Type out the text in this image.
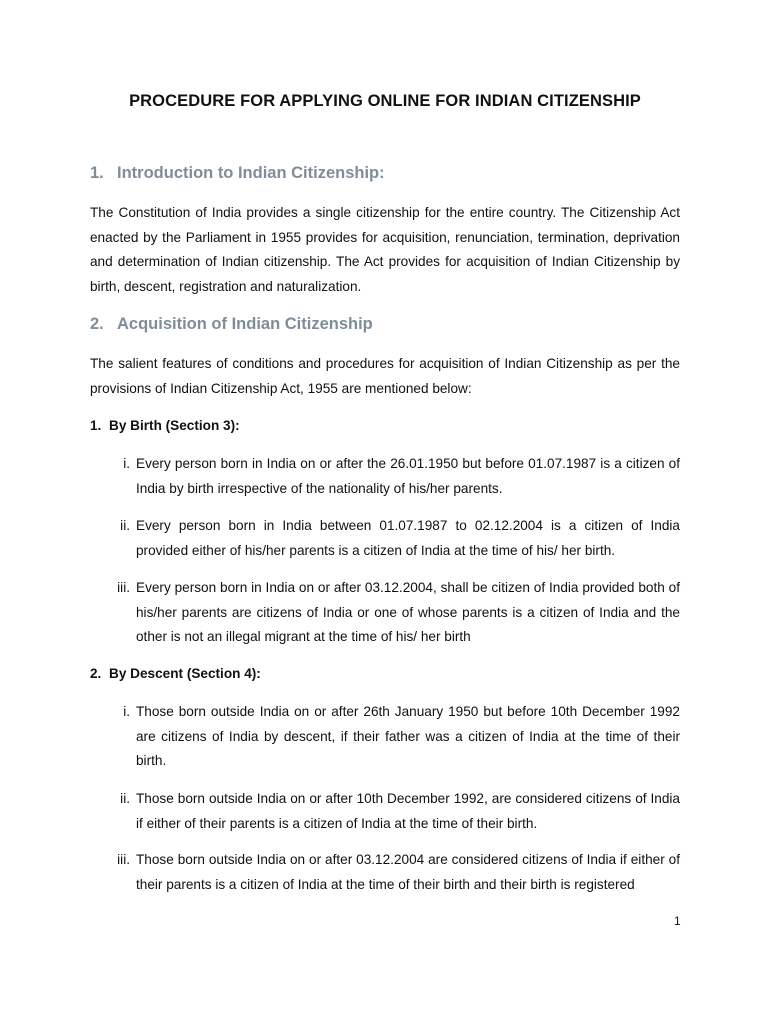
PROCEDURE FOR APPLYING ONLINE FOR INDIAN CITIZENSHIP
1. Introduction to Indian Citizenship:
The Constitution of India provides a single citizenship for the entire country. The Citizenship Act enacted by the Parliament in 1955 provides for acquisition, renunciation, termination, deprivation and determination of Indian citizenship. The Act provides for acquisition of Indian Citizenship by birth, descent, registration and naturalization.
2. Acquisition of Indian Citizenship
The salient features of conditions and procedures for acquisition of Indian Citizenship as per the provisions of Indian Citizenship Act, 1955 are mentioned below:
1. By Birth (Section 3):
i. Every person born in India on or after the 26.01.1950 but before 01.07.1987 is a citizen of India by birth irrespective of the nationality of his/her parents.
ii. Every person born in India between 01.07.1987 to 02.12.2004 is a citizen of India provided either of his/her parents is a citizen of India at the time of his/ her birth.
iii. Every person born in India on or after 03.12.2004, shall be citizen of India provided both of his/her parents are citizens of India or one of whose parents is a citizen of India and the other is not an illegal migrant at the time of his/ her birth
2. By Descent (Section 4):
i. Those born outside India on or after 26th January 1950 but before 10th December 1992 are citizens of India by descent, if their father was a citizen of India at the time of their birth.
ii. Those born outside India on or after 10th December 1992, are considered citizens of India if either of their parents is a citizen of India at the time of their birth.
iii. Those born outside India on or after 03.12.2004 are considered citizens of India if either of their parents is a citizen of India at the time of their birth and their birth is registered
1
